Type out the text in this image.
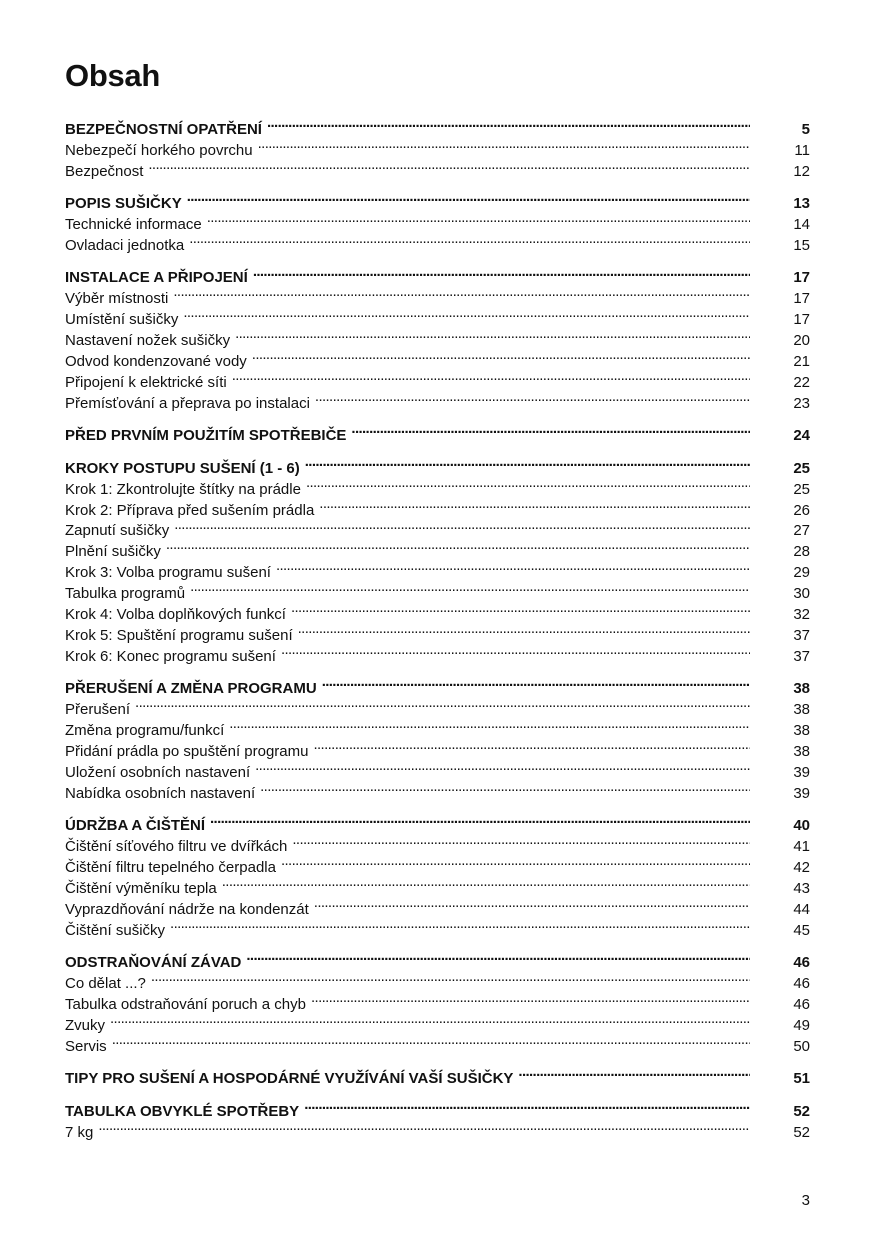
Obsah
BEZPEČNOSTNÍ OPATŘENÍ . . .	5
Nebezpečí horkého povrchu . . .	11
Bezpečnost . . .	12
POPIS SUŠIČKY . . .	13
Technické informace . . .	14
Ovladaci jednotka . . .	15
INSTALACE A PŘIPOJENÍ . . .	17
Výběr místnosti . . .	17
Umístění sušičky . . .	17
Nastavení nožek sušičky . . .	20
Odvod kondenzované vody . . .	21
Připojení k elektrické síti . . .	22
Přemísťování a přeprava po instalaci . . .	23
PŘED PRVNÍM POUŽITÍM SPOTŘEBIČE . . .	24
KROKY POSTUPU SUŠENÍ (1 - 6) . . .	25
Krok 1: Zkontrolujte štítky na prádle . . .	25
Krok 2: Příprava před sušením prádla . . .	26
Zapnutí sušičky . . .	27
Plnění sušičky . . .	28
Krok 3: Volba programu sušení . . .	29
Tabulka programů . . .	30
Krok 4: Volba doplňkových funkcí . . .	32
Krok 5: Spuštění programu sušení . . .	37
Krok 6: Konec programu sušení . . .	37
PŘERUŠENÍ A ZMĚNA PROGRAMU . . .	38
Přerušení . . .	38
Změna programu/funkcí . . .	38
Přidání prádla po spuštění programu . . .	38
Uložení osobních nastavení . . .	39
Nabídka osobních nastavení . . .	39
ÚDRŽBA A ČIŠTĚNÍ . . .	40
Čištění síťového filtru ve dvířkách . . .	41
Čištění filtru tepelného čerpadla . . .	42
Čištění výměníku tepla . . .	43
Vyprazdňování nádrže na kondenzát . . .	44
Čištění sušičky . . .	45
ODSTRAŇOVÁNÍ ZÁVAD . . .	46
Co dělat ...? . . .	46
Tabulka odstraňování poruch a chyb . . .	46
Zvuky . . .	49
Servis . . .	50
TIPY PRO SUŠENÍ A HOSPODÁRNÉ VYUŽÍVÁNÍ VAŠÍ SUŠIČKY . . .	51
TABULKA OBVYKLÉ SPOTŘEBY . . .	52
7 kg . . .	52
3
